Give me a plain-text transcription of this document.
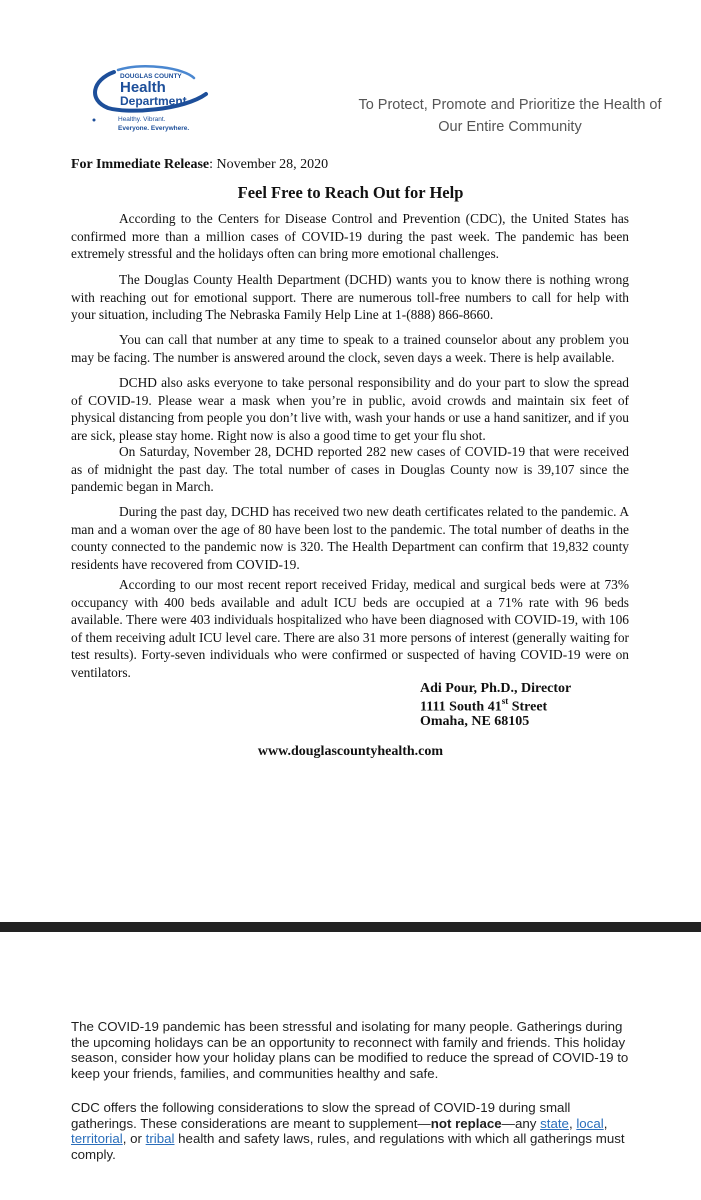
DOUGLAS COUNTY
Health
Department
Healthy. Vibrant.
Everyone. Everywhere.
To Protect, Promote and Prioritize the Health of
Our Entire Community
For Immediate Release: November 28, 2020
Feel Free to Reach Out for Help

According to the Centers for Disease Control and Prevention (CDC), the United States has confirmed more than a million cases of COVID-19 during the past week. The pandemic has been extremely stressful and the holidays often can bring more emotional challenges.

The Douglas County Health Department (DCHD) wants you to know there is nothing wrong with reaching out for emotional support. There are numerous toll-free numbers to call for help with your situation, including The Nebraska Family Help Line at 1-(888) 866-8660.

You can call that number at any time to speak to a trained counselor about any problem you may be facing. The number is answered around the clock, seven days a week. There is help available.

DCHD also asks everyone to take personal responsibility and do your part to slow the spread of COVID-19. Please wear a mask when you’re in public, avoid crowds and maintain six feet of physical distancing from people you don’t live with, wash your hands or use a hand sanitizer, and if you are sick, please stay home. Right now is also a good time to get your flu shot.

On Saturday, November 28, DCHD reported 282 new cases of COVID-19 that were received as of midnight the past day. The total number of cases in Douglas County now is 39,107 since the pandemic began in March.

During the past day, DCHD has received two new death certificates related to the pandemic. A man and a woman over the age of 80 have been lost to the pandemic. The total number of deaths in the county connected to the pandemic now is 320. The Health Department can confirm that 19,832 county residents have recovered from COVID-19.

According to our most recent report received Friday, medical and surgical beds were at 73% occupancy with 400 beds available and adult ICU beds are occupied at a 71% rate with 96 beds available. There were 403 individuals hospitalized who have been diagnosed with COVID-19, with 106 of them receiving adult ICU level care. There are also 31 more persons of interest (generally waiting for test results). Forty-seven individuals who were confirmed or suspected of having COVID-19 were on ventilators.

Adi Pour, Ph.D., Director
1111 South 41st Street
Omaha, NE 68105
www.douglascountyhealth.com

The COVID-19 pandemic has been stressful and isolating for many people. Gatherings during the upcoming holidays can be an opportunity to reconnect with family and friends. This holiday season, consider how your holiday plans can be modified to reduce the spread of COVID-19 to keep your friends, families, and communities healthy and safe.

CDC offers the following considerations to slow the spread of COVID-19 during small gatherings. These considerations are meant to supplement—not replace—any state, local, territorial, or tribal health and safety laws, rules, and regulations with which all gatherings must comply.
